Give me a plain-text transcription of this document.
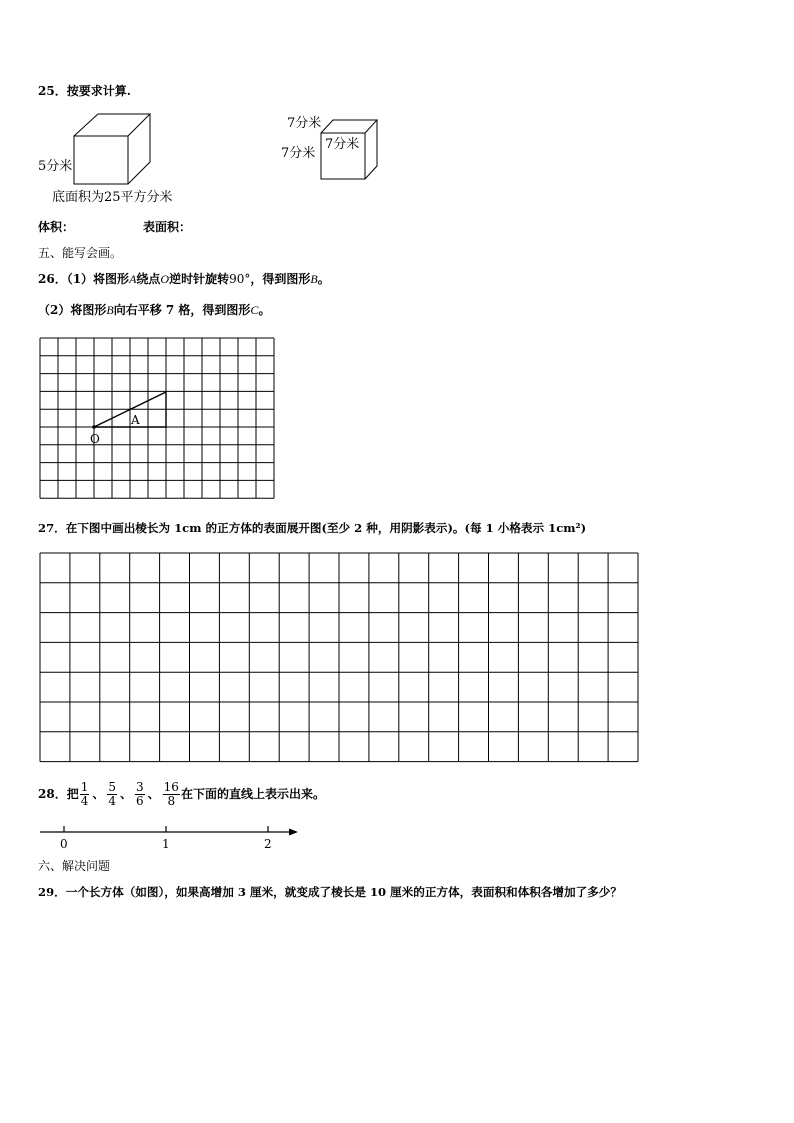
25．按要求计算.
5分米
底面积为25平方分米
7分米
7分米
7分米
体积：	表面积：
五、能写会画。
26．（1）将图形A绕点O逆时针旋转90°，得到图形B。
（2）将图形B向右平移 7 格，得到图形C。
A
O
27．在下图中画出棱长为 1cm 的正方体的表面展开图(至少 2 种，用阴影表示)。(每 1 小格表示 1cm²)
28．把 $\frac{1}{4}$ 、 $\frac{5}{4}$ 、 $\frac{3}{6}$ 、 $\frac{16}{8}$ 在下面的直线上表示出来。
0	1	2
六、解决问题
29．一个长方体（如图），如果高增加 3 厘米，就变成了棱长是 10 厘米的正方体，表面积和体积各增加了多少？
